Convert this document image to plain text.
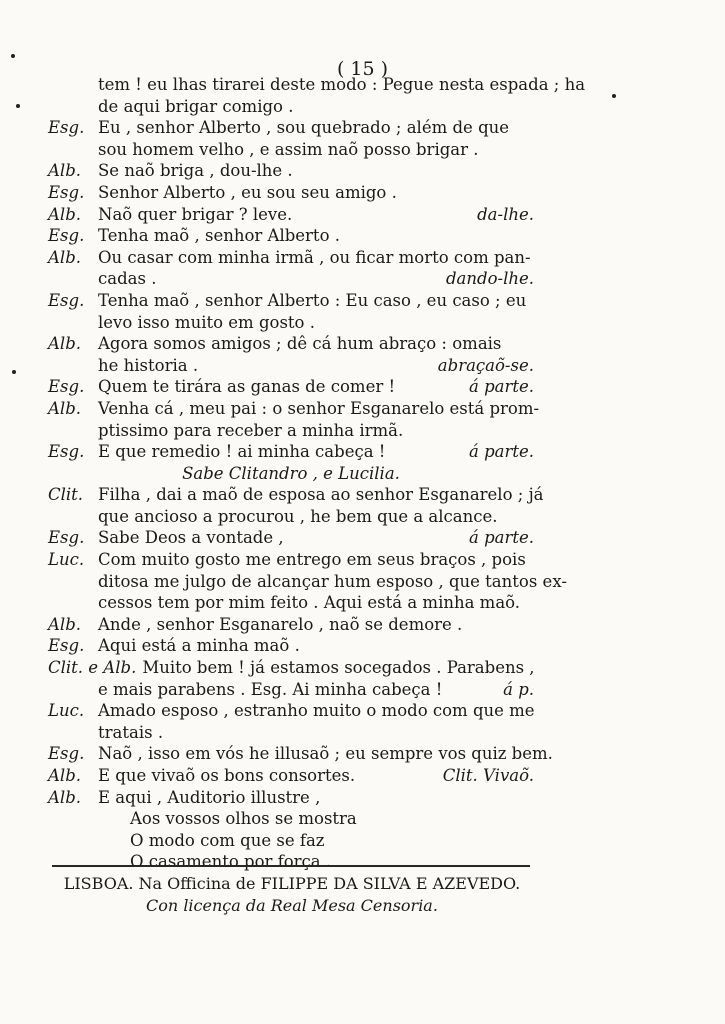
( 15 )
tem ! eu lhas tirarei deste modo : Pegue nesta espada ; ha
de aqui brigar comigo .
Esg. Eu , senhor Alberto , sou quebrado ; além de que
sou homem velho , e assim naõ posso brigar .
Alb.	Se naõ briga , dou-lhe .
Esg. Senhor Alberto , eu sou seu amigo .
Alb.	Naõ quer brigar ? leve.	da-lhe.
Esg. Tenha maõ , senhor Alberto .
Alb.	Ou casar com minha irmã , ou ficar morto com pan-
cadas .	dando-lhe.
Esg. Tenha maõ , senhor Alberto : Eu caso , eu caso ; eu
levo isso muito em gosto .
Alb.	Agora somos amigos ; dê cá hum abraço : omais
he historia .	abraçaõ-se.
Esg. Quem te tirára as ganas de comer !	á parte.
Alb.	Venha cá , meu pai : o senhor Esganarelo está prom-
ptissimo para receber a minha irmã.
Esg. E que remedio ! ai minha cabeça !	á parte.
Sabe Clitandro , e Lucilia.
Clit. Filha , dai a maõ de esposa ao senhor Esganarelo ; já
que ancioso a procurou , he bem que a alcance.
Esg. Sabe Deos a vontade ,	á parte.
Luc. Com muito gosto me entrego em seus braços , pois
ditosa me julgo de alcançar hum esposo , que tantos ex-
cessos tem por mim feito . Aqui está a minha maõ.
Alb.	Ande , senhor Esganarelo , naõ se demore .
Esg. Aqui está a minha maõ .
Clit. e Alb. Muito bem ! já estamos socegados . Parabens ,
e mais parabens . Esg. Ai minha cabeça !	á p.
Luc. Amado esposo , estranho muito o modo com que me
tratais .
Esg. Naõ , isso em vós he illusaõ ; eu sempre vos quiz bem.
Alb.	E que vivaõ os bons consortes.	Clit. Vivaõ.
Alb.	E aqui , Auditorio illustre ,
Aos vossos olhos se mostra
O modo com que se faz
O casamento por força .
LISBOA. Na Officina de FILIPPE DA SILVA E AZEVEDO.
Con licença da Real Mesa Censoria.
